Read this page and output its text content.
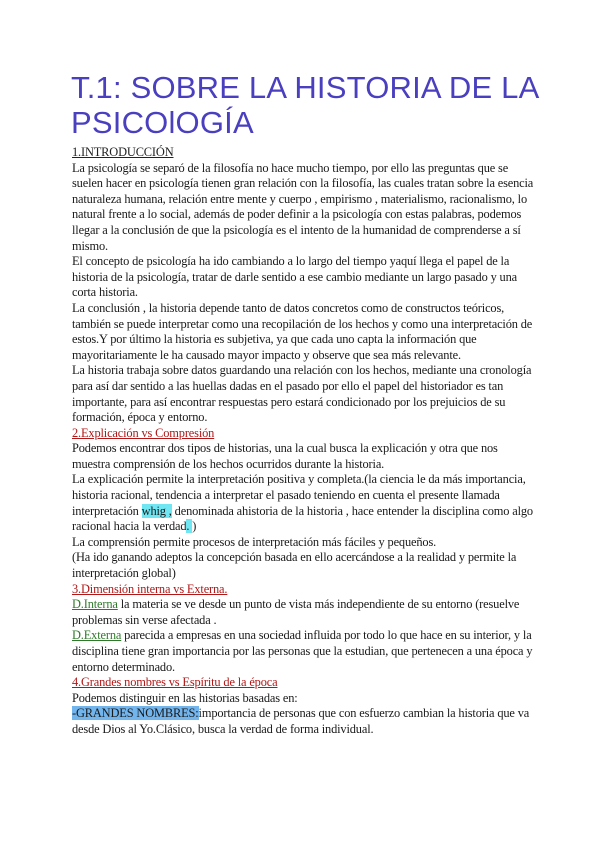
T.1: SOBRE LA HISTORIA DE LA PSICOlOGÍA

1.INTRODUCCIÓN

La psicología se separó de la filosofía no hace mucho tiempo, por ello las preguntas que se suelen hacer en psicología tienen gran relación con la filosofía, las cuales tratan sobre la esencia naturaleza humana, relación entre mente y cuerpo , empirismo , materialismo, racionalismo, lo natural frente a lo social, además de poder definir a la psicología con estas palabras, podemos llegar a la conclusión de que la psicología es el intento de la humanidad de comprenderse a sí mismo.

El concepto de psicología ha ido cambiando a lo largo del tiempo yaquí llega el papel de la historia de la psicología, tratar de darle sentido a ese cambio mediante un largo pasado y una corta historia.

La conclusión , la historia depende tanto de datos concretos como de constructos teóricos, también se puede interpretar como una recopilación de los hechos y como una interpretación de estos.Y por último la historia es subjetiva, ya que cada uno capta la información que mayoritariamente le ha causado mayor impacto y observe que sea más relevante.

La historia trabaja sobre datos guardando una relación con los hechos, mediante una cronología para así dar sentido a las huellas dadas en el pasado por ello el papel del historiador es tan importante, para así encontrar respuestas pero estará condicionado por los prejuicios de su formación, época y entorno.

2.Explicación vs Compresión

Podemos encontrar dos tipos de historias, una la cual busca la explicación y otra que nos muestra comprensión de los hechos ocurridos durante la historia.

La explicación permite la interpretación positiva y completa.(la ciencia le da más importancia, historia racional, tendencia a interpretar el pasado teniendo en cuenta el presente llamada interpretación whig , denominada ahistoria de la historia , hace entender la disciplina como algo racional hacia la verdad. )

La comprensión permite procesos de interpretación más fáciles y pequeños.

(Ha ido ganando adeptos la concepción basada en ello acercándose a la realidad y permite la interpretación global)

3.Dimensión interna vs Externa.

D.Interna la materia se ve desde un punto de vista más independiente de su entorno (resuelve problemas sin verse afectada .

D.Externa parecida a empresas en una sociedad influida por todo lo que hace en su interior, y la disciplina tiene gran importancia por las personas que la estudian, que pertenecen a una época y entorno determinado.

4.Grandes nombres vs Espíritu de la época

Podemos distinguir en las historias basadas en:

-GRANDES NOMBRES:importancia de personas que con esfuerzo cambian la historia que va desde Dios al Yo.Clásico, busca la verdad de forma individual.
